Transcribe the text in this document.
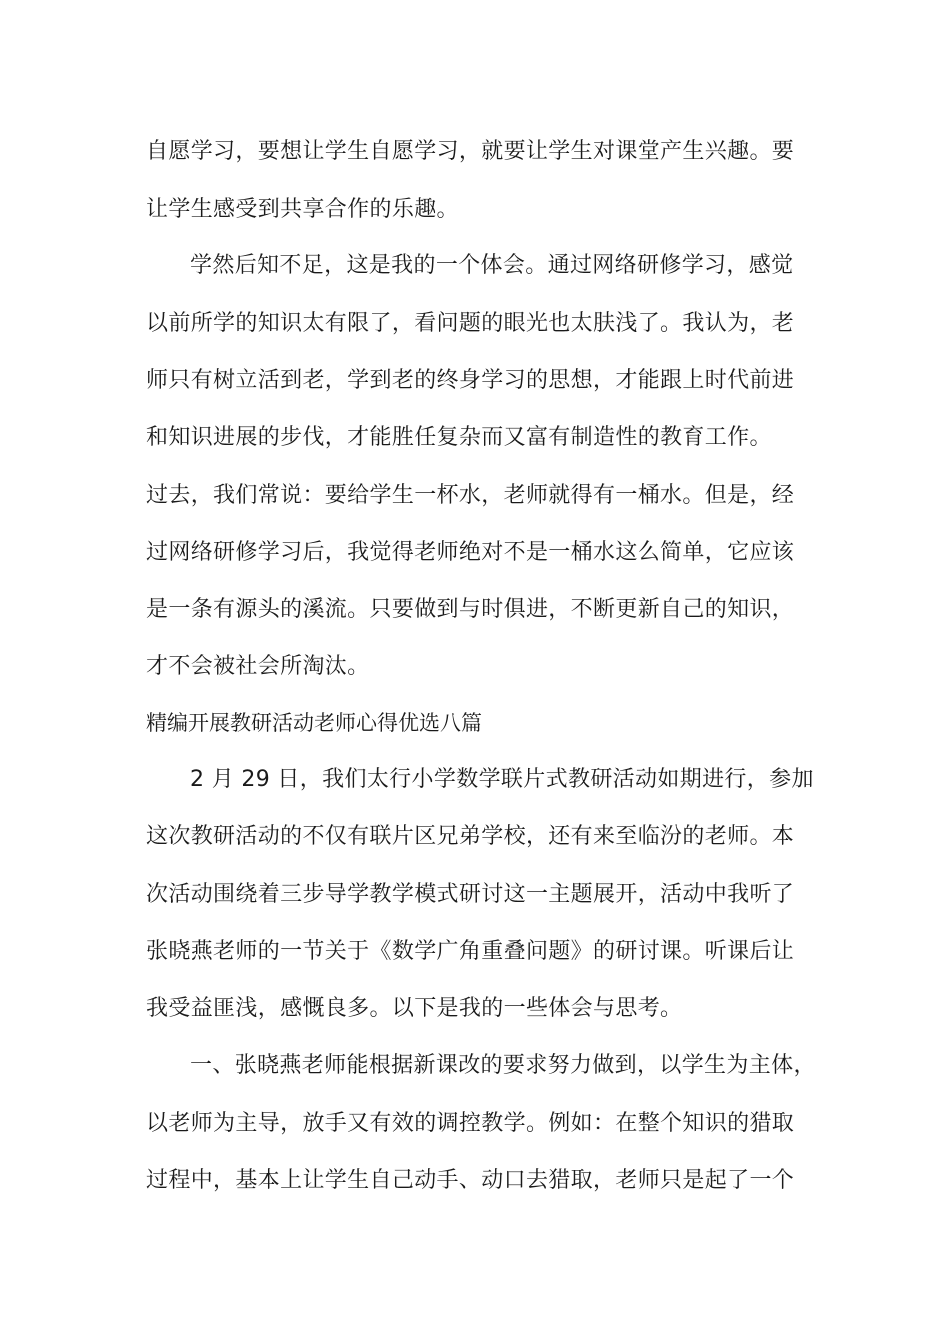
自愿学习，要想让学生自愿学习，就要让学生对课堂产生兴趣。要
让学生感受到共享合作的乐趣。
学然后知不足，这是我的一个体会。通过网络研修学习，感觉
以前所学的知识太有限了，看问题的眼光也太肤浅了。我认为，老
师只有树立活到老，学到老的终身学习的思想，才能跟上时代前进
和知识进展的步伐，才能胜任复杂而又富有制造性的教育工作。
过去，我们常说：要给学生一杯水，老师就得有一桶水。但是，经
过网络研修学习后，我觉得老师绝对不是一桶水这么简单，它应该
是一条有源头的溪流。只要做到与时俱进，不断更新自己的知识，
才不会被社会所淘汰。
精编开展教研活动老师心得优选八篇
2 月 29 日，我们太行小学数学联片式教研活动如期进行，参加
这次教研活动的不仅有联片区兄弟学校，还有来至临汾的老师。本
次活动围绕着三步导学教学模式研讨这一主题展开，活动中我听了
张晓燕老师的一节关于《数学广角重叠问题》的研讨课。听课后让
我受益匪浅，感慨良多。以下是我的一些体会与思考。
一、张晓燕老师能根据新课改的要求努力做到，以学生为主体，
以老师为主导，放手又有效的调控教学。例如：在整个知识的猎取
过程中，基本上让学生自己动手、动口去猎取，老师只是起了一个
